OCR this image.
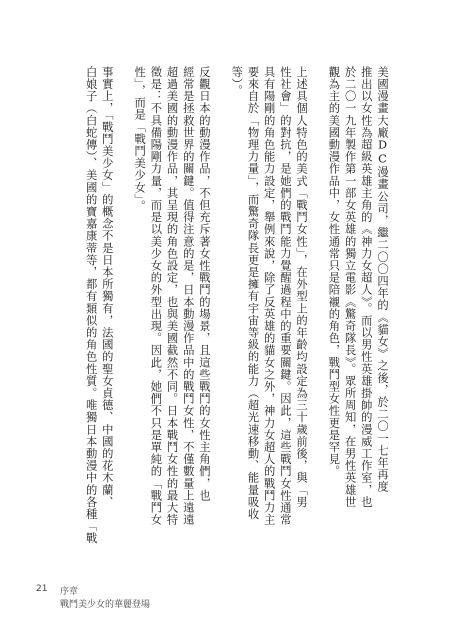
美國漫畫大廠DC漫畫公司，繼二〇〇四年的《貓女》之後，於二〇一七年再度
推出以女性為超級英雄主角的《神力女超人》。而以男性英雄掛帥的漫威工作室，也
於二〇一九年製作第一部女英雄的獨立電影《驚奇隊長》。眾所周知，在男性英雄世
觀為主的美國動漫作品中，女性通常只是陪襯的角色，戰鬥型女性更是罕見。
上述具個人特色的美式「戰鬥女性」，在外型上的年齡均設定為三十歲前後，與「男
性社會」的對抗，是她們的戰鬥能力覺醒過程中的重要關鍵。因此，這些戰鬥女性通常
具有陽剛的角色能力設定，舉例來說，除了反英雄的貓女之外，神力女超人的戰鬥力主
要來自於「物理力量」，而驚奇隊長更是擁有宇宙等級的能力（超光速移動、能量吸收
等）。
反觀日本的動漫作品，不但充斥著女性戰鬥的場景，且這些戰鬥的女性主角們，也
經常是拯救世界的關鍵。值得注意的是，日本動漫作品中的戰鬥女性，不僅數量上遠遠
超過美國的動漫作品，其呈現的角色設定，也與美國截然不同。日本戰鬥女性的最大特
徵是：不具備陽剛力量，而是以美少女的外型出現。因此，她們不只是單純的「戰鬥女
性」，而是「戰鬥美少女」。
事實上，「戰鬥美少女」的概念不是日本所獨有，法國的聖女貞德、中國的花木蘭、
白娘子（白蛇傳）、美國的寶嘉康蒂等，都有類似的角色性質。唯獨日本動漫中的各種「戰
21 序章
戰鬥美少女的華麗登場
